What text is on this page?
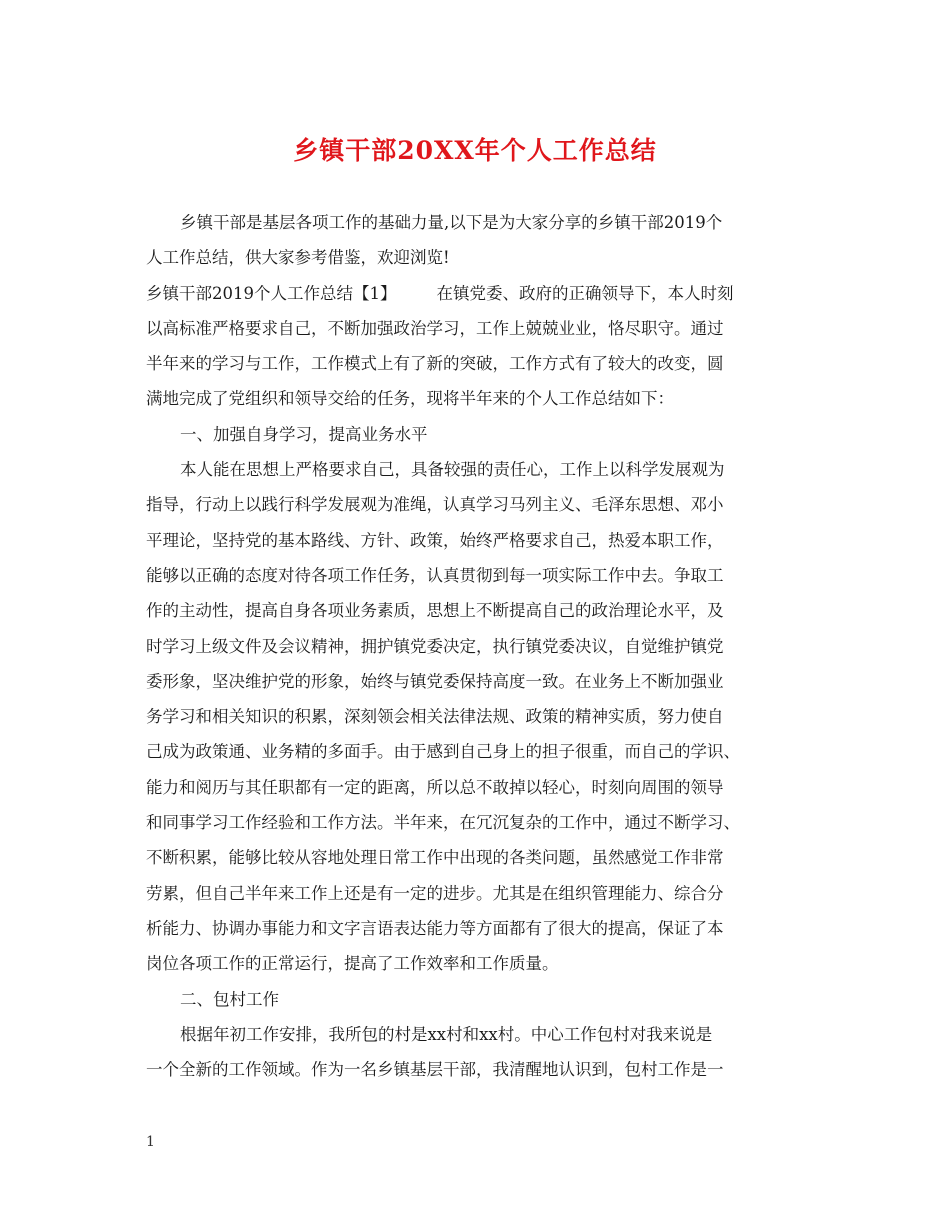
乡镇干部20XX年个人工作总结

乡镇干部是基层各项工作的基础力量,以下是为大家分享的乡镇干部2019个

人工作总结，供大家参考借鉴，欢迎浏览!

乡镇干部2019个人工作总结【1】 在镇党委、政府的正确领导下，本人时刻

以高标准严格要求自己，不断加强政治学习，工作上兢兢业业，恪尽职守。通过

半年来的学习与工作，工作模式上有了新的突破，工作方式有了较大的改变，圆

满地完成了党组织和领导交给的任务，现将半年来的个人工作总结如下：

一、加强自身学习，提高业务水平

本人能在思想上严格要求自己，具备较强的责任心，工作上以科学发展观为

指导，行动上以践行科学发展观为准绳，认真学习马列主义、毛泽东思想、邓小

平理论，坚持党的基本路线、方针、政策，始终严格要求自己，热爱本职工作，

能够以正确的态度对待各项工作任务，认真贯彻到每一项实际工作中去。争取工

作的主动性，提高自身各项业务素质，思想上不断提高自己的政治理论水平，及

时学习上级文件及会议精神，拥护镇党委决定，执行镇党委决议，自觉维护镇党

委形象，坚决维护党的形象，始终与镇党委保持高度一致。在业务上不断加强业

务学习和相关知识的积累，深刻领会相关法律法规、政策的精神实质，努力使自

己成为政策通、业务精的多面手。由于感到自己身上的担子很重，而自己的学识、

能力和阅历与其任职都有一定的距离，所以总不敢掉以轻心，时刻向周围的领导

和同事学习工作经验和工作方法。半年来，在冗沉复杂的工作中，通过不断学习、

不断积累，能够比较从容地处理日常工作中出现的各类问题，虽然感觉工作非常

劳累，但自己半年来工作上还是有一定的进步。尤其是在组织管理能力、综合分

析能力、协调办事能力和文字言语表达能力等方面都有了很大的提高，保证了本

岗位各项工作的正常运行，提高了工作效率和工作质量。

二、包村工作

根据年初工作安排，我所包的村是xx村和xx村。中心工作包村对我来说是

一个全新的工作领域。作为一名乡镇基层干部，我清醒地认识到，包村工作是一

1
